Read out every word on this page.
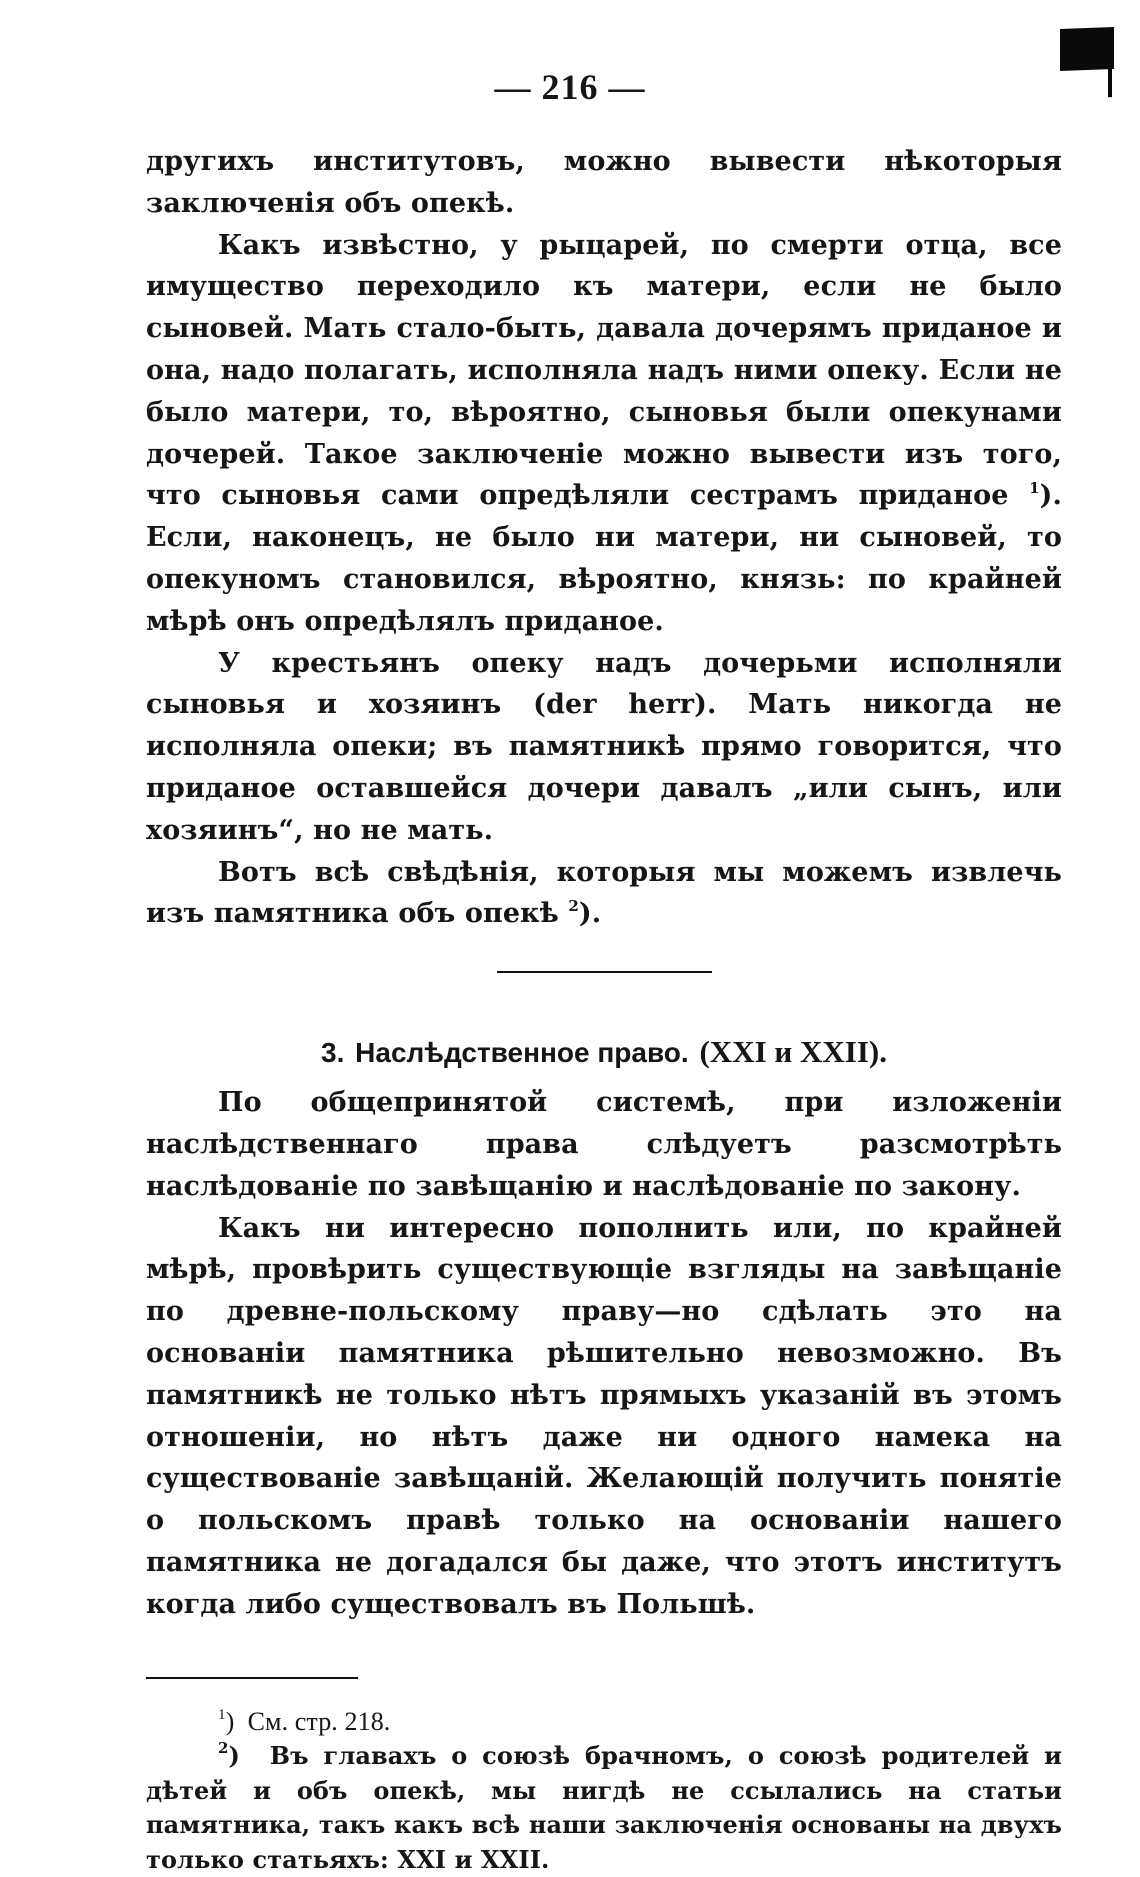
— 216 —

другихъ институтовъ, можно вывести нѣкоторыя заключенія объ опекѣ.

Какъ извѣстно, у рыцарей, по смерти отца, все имущество переходило къ матери, если не было сыновей. Мать стало-быть, давала дочерямъ приданое и она, надо полагать, исполняла надъ ними опеку. Если не было матери, то, вѣроятно, сыновья были опекунами дочерей. Такое заключеніе можно вывести изъ того, что сыновья сами опредѣляли сестрамъ приданое $^1$). Если, наконецъ, не было ни матери, ни сыновей, то опекуномъ становился, вѣроятно, князь: по крайней мѣрѣ онъ опредѣлялъ приданое.

У крестьянъ опеку надъ дочерьми исполняли сыновья и хозяинъ (der herr). Мать никогда не исполняла опеки; въ памятникѣ прямо говорится, что приданое оставшейся дочери давалъ „или сынъ, или хозяинъ“, но не мать.

Вотъ всѣ свѣдѣнія, которыя мы можемъ извлечь изъ памятника объ опекѣ $^2$).

3. Наслѣдственное право. (XXI и XXII).

По общепринятой системѣ, при изложеніи наслѣдственнаго права слѣдуетъ разсмотрѣть наслѣдованіе по завѣщанію и наслѣдованіе по закону.

Какъ ни интересно пополнить или, по крайней мѣрѣ, провѣрить существующіе взгляды на завѣщаніе по древне-польскому праву—но сдѣлать это на основаніи памятника рѣшительно невозможно. Въ памятникѣ не только нѣтъ прямыхъ указаній въ этомъ отношеніи, но нѣтъ даже ни одного намека на существованіе завѣщаній. Желающій получить понятіе о польскомъ правѣ только на основаніи нашего памятника не догадался бы даже, что этотъ институтъ когда либо существовалъ въ Польшѣ.

$^1$)  См. стр. 218.

$^2$)  Въ главахъ о союзѣ брачномъ, о союзѣ родителей и дѣтей и объ опекѣ, мы нигдѣ не ссылались на статьи памятника, такъ какъ всѣ наши заключенія основаны на двухъ только статьяхъ: XXI и XXII.
